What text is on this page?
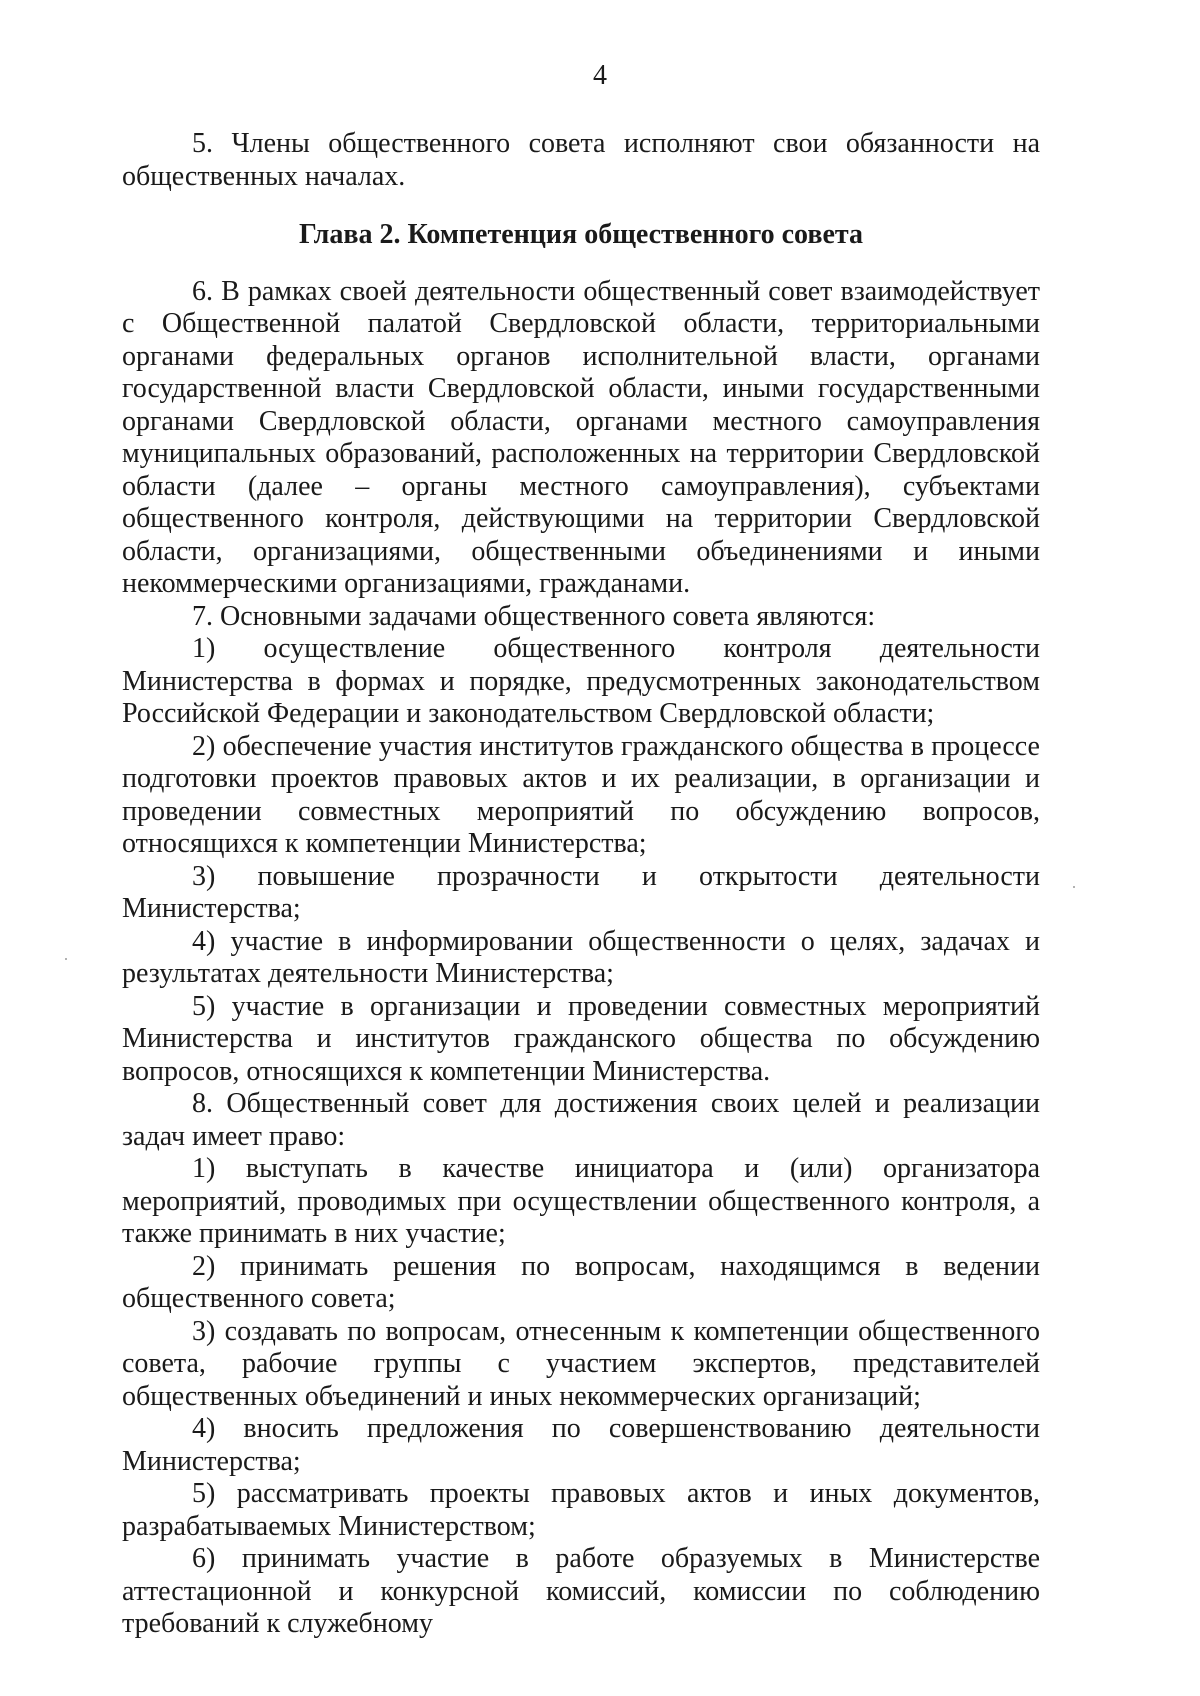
4

5. Члены общественного совета исполняют свои обязанности на общественных началах.

Глава 2. Компетенция общественного совета

6. В рамках своей деятельности общественный совет взаимодействует с Общественной палатой Свердловской области, территориальными органами федеральных органов исполнительной власти, органами государственной власти Свердловской области, иными государственными органами Свердловской области, органами местного самоуправления муниципальных образований, расположенных на территории Свердловской области (далее – органы местного самоуправления), субъектами общественного контроля, действующими на территории Свердловской области, организациями, общественными объединениями и иными некоммерческими организациями, гражданами.

7. Основными задачами общественного совета являются:

1) осуществление общественного контроля деятельности Министерства в формах и порядке, предусмотренных законодательством Российской Федерации и законодательством Свердловской области;

2) обеспечение участия институтов гражданского общества в процессе подготовки проектов правовых актов и их реализации, в организации и проведении совместных мероприятий по обсуждению вопросов, относящихся к компетенции Министерства;

3) повышение прозрачности и открытости деятельности Министерства;

4) участие в информировании общественности о целях, задачах и результатах деятельности Министерства;

5) участие в организации и проведении совместных мероприятий Министерства и институтов гражданского общества по обсуждению вопросов, относящихся к компетенции Министерства.

8. Общественный совет для достижения своих целей и реализации задач имеет право:

1) выступать в качестве инициатора и (или) организатора мероприятий, проводимых при осуществлении общественного контроля, а также принимать в них участие;

2) принимать решения по вопросам, находящимся в ведении общественного совета;

3) создавать по вопросам, отнесенным к компетенции общественного совета, рабочие группы с участием экспертов, представителей общественных объединений и иных некоммерческих организаций;

4) вносить предложения по совершенствованию деятельности Министерства;

5) рассматривать проекты правовых актов и иных документов, разрабатываемых Министерством;

6) принимать участие в работе образуемых в Министерстве аттестационной и конкурсной комиссий, комиссии по соблюдению требований к служебному
